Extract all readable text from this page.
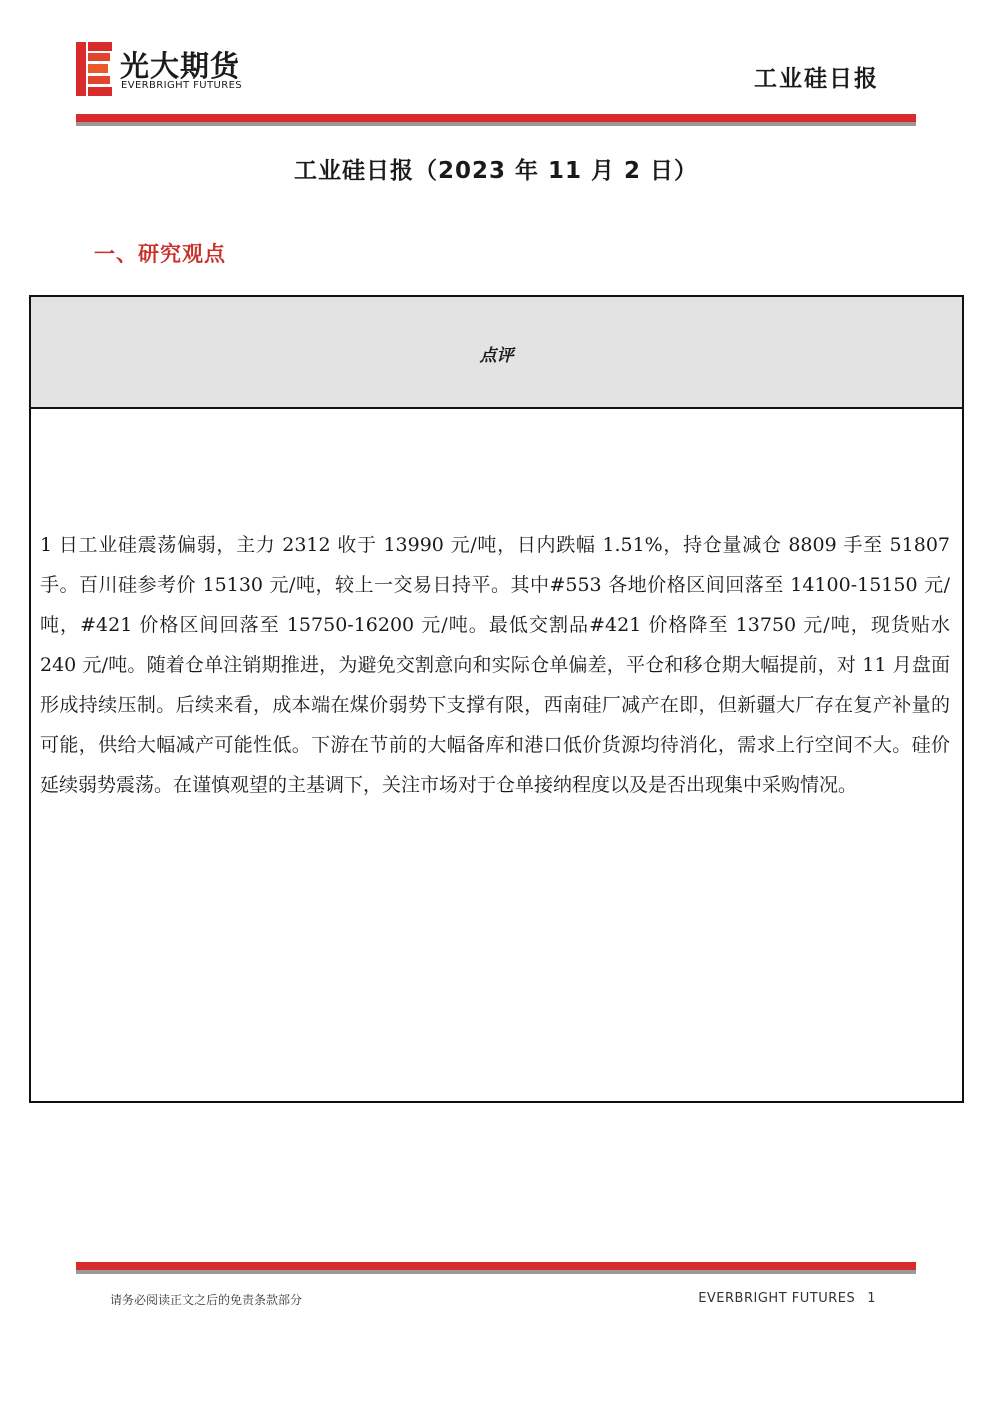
光大期货
EVERBRIGHT FUTURES	工业硅日报
工业硅日报（2023 年 11 月 2 日）
一、研究观点
点评
1 日工业硅震荡偏弱，主力 2312 收于 13990 元/吨，日内跌幅 1.51%，持仓量减仓 8809 手至 51807 手。百川硅参考价 15130 元/吨，较上一交易日持平。其中#553 各地价格区间回落至 14100-15150 元/吨，#421 价格区间回落至 15750-16200 元/吨。最低交割品#421 价格降至 13750 元/吨，现货贴水 240 元/吨。随着仓单注销期推进，为避免交割意向和实际仓单偏差，平仓和移仓期大幅提前，对 11 月盘面形成持续压制。后续来看，成本端在煤价弱势下支撑有限，西南硅厂减产在即，但新疆大厂存在复产补量的可能，供给大幅减产可能性低。下游在节前的大幅备库和港口低价货源均待消化，需求上行空间不大。硅价延续弱势震荡。在谨慎观望的主基调下，关注市场对于仓单接纳程度以及是否出现集中采购情况。
请务必阅读正文之后的免责条款部分	EVERBRIGHT FUTURES 1
